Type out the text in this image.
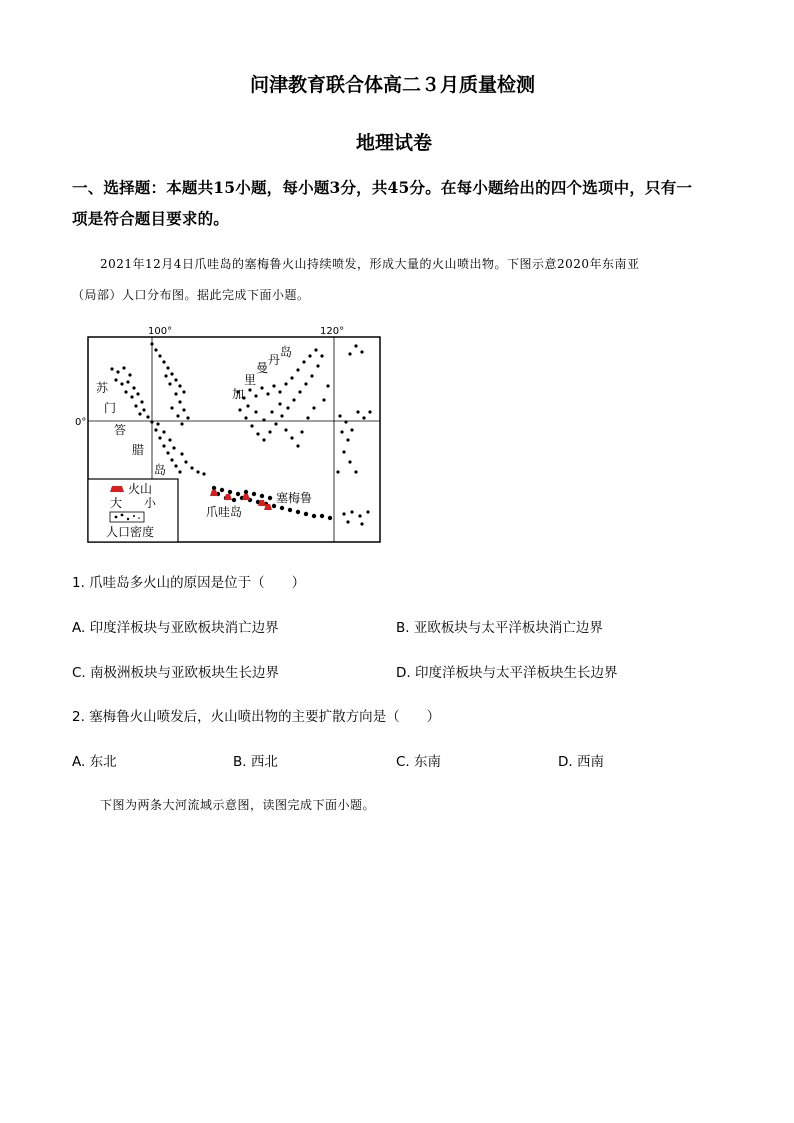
问津教育联合体高二３月质量检测
地理试卷
一、选择题：本题共15小题，每小题3分，共45分。在每小题给出的四个选项中，只有一
项是符合题目要求的。
2021年12月4日爪哇岛的塞梅鲁火山持续喷发，形成大量的火山喷出物。下图示意2020年东南亚
（局部）人口分布图。据此完成下面小题。
100°	120°
0°
苏
门
答
腊
岛
加
里
曼
丹
岛
爪哇岛
塞梅鲁
火山
大 小
人口密度
1. 爪哇岛多火山的原因是位于（　　）
A. 印度洋板块与亚欧板块消亡边界	B. 亚欧板块与太平洋板块消亡边界
C. 南极洲板块与亚欧板块生长边界	D. 印度洋板块与太平洋板块生长边界
2. 塞梅鲁火山喷发后，火山喷出物的主要扩散方向是（　　）
A. 东北	B. 西北	C. 东南	D. 西南
下图为两条大河流域示意图，读图完成下面小题。
